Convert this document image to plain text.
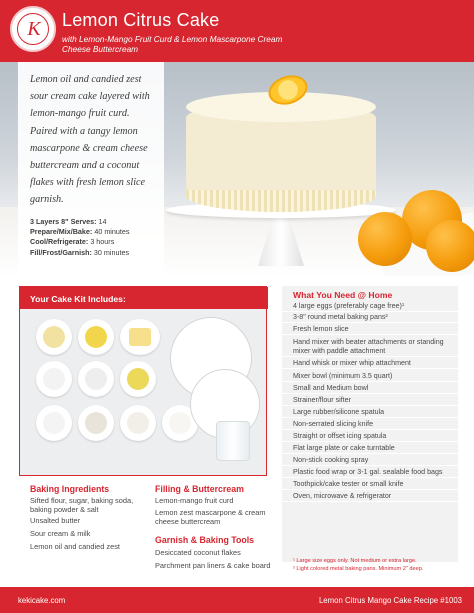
K	Lemon Citrus Cake
with Lemon-Mango Fruit Curd & Lemon Mascarpone Cream Cheese Buttercream
Lemon oil and candied zest sour cream cake layered with lemon-mango fruit curd. Paired with a tangy lemon mascarpone & cream cheese buttercream and a coconut flakes with fresh lemon slice garnish.
3 Layers 8" Serves: 14
Prepare/Mix/Bake: 40 minutes
Cool/Refrigerate: 3 hours
Fill/Frost/Garnish: 30 minutes
Your Cake Kit Includes:
Baking Ingredients
Sifted flour, sugar, baking soda, baking powder & salt
Unsalted butter
Sour cream & milk
Lemon oil and candied zest
Filling & Buttercream
Lemon-mango fruit curd
Lemon zest mascarpone & cream cheese buttercream
Garnish & Baking Tools
Desiccated coconut flakes
Parchment pan liners & cake board
What You Need @ Home
4 large eggs (preferably cage free)¹
3-8" round metal baking pans²
Fresh lemon slice
Hand mixer with beater attachments or standing mixer with paddle attachment
Hand whisk or mixer whip attachment
Mixer bowl (minimum 3.5 quart)
Small and Medium bowl
Strainer/flour sifter
Large rubber/silicone spatula
Non-serrated slicing knife
Straight or offset icing spatula
Flat large plate or cake turntable
Non-stick cooking spray
Plastic food wrap or 3-1 gal. sealable food bags
Toothpick/cake tester or small knife
Oven, microwave & refrigerator
¹ Large size eggs only. Not medium or extra large.
² Light colored metal baking pans. Minimum 2" deep.
kekicake.com	Lemon Citrus Mango Cake Recipe #1003
